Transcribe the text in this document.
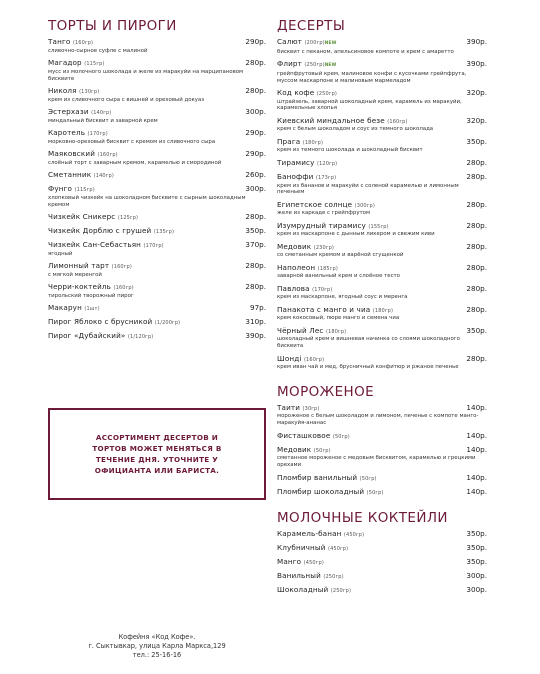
ТОРТЫ И ПИРОГИ
Танго (160гр)	290р.
сливочно-сырное суфле с малиной
Магадор (115гр)	280р.
мусс из молочного шоколада и желе из маракуйи на марципановом бисквите
Николя (130гр)	280р.
крем из сливочного сыра с вишней и ореховый докуаз
Эстерхази (140гр)	300р.
миндальный бисквит и заварной крем
Каротель (170гр)	290р.
морковно-ореховый бисквит с кремом из сливочного сыра
Маяковский (160гр)	290р.
слоёный торт с заварным кремом, карамелью и смородиной
Сметанник (140гр)	260р.
Фунго (115гр)	300р.
хлопковый чизкейк на шоколадном бисквите с сырным шоколадным кремом
Чизкейк Сникерс (125гр)	280р.
Чизкейк Дорблю с грушей (135гр)	350р.
Чизкейк Сан-Себастьян (170гр)	370р.
ягодный
Лимонный тарт (160гр)	280р.
с мягкой меренгой
Черри-коктейль (160гр)	280р.
тирольский творожный пирог
Макарун (1шт)	97р.
Пирог Яблоко с брусникой (1/200гр)	310р.
Пирог «Дубайский» (1/120гр)	390р.
ДЕСЕРТЫ
Салют (200гр)NEW	390р.
бисквит с пеканом, апельсиновое компоте и крем с амаретто
Флирт (250гр)NEW	390р.
грейпфрутовый крем, малиновое конфи с кусочками грейпфрута, муссом маскарпоне и малиновым мармеладом
Код кофе (250гр)	320р.
штрайзель, заварной шоколадный крем, карамель из маракуйи, карамельные хлопья
Киевский миндальное безе (160гр)	320р.
крем с белым шоколадом и соус из темного шоколада
Прага (180гр)	350р.
крем из темного шоколада и шоколадный бисквит
Тирамису (120гр)	280р.
Баноффи (173гр)	280р.
крем из бананов и маракуйи с соленой карамелью и лимонным печеньем
Египетское солнце (300гр)	280р.
желе из каркаде с грейпфрутом
Изумрудный тирамису (155гр)	280р.
крем из маскарпоне с дынным ликером и свежим киви
Медовик (230гр)	280р.
со сметанным кремом и варёной сгущенкой
Наполеон (185гр)	280р.
заварной ванильный крем и слоёное тесто
Павлова (170гр)	280р.
крем из маскарпоне, ягодный соус и меренга
Панакота с манго и чиа (180гр)	280р.
крем кокосовый, пюре манго и семена чиа
Чёрный Лес (180гр)	350р.
шоколадный крем и вишневая начинка со слоями шоколадного бисквита
Шонді (160гр)	280р.
крем иван чай и мед, брусничный конфитюр и ржаное печенье
МОРОЖЕНОЕ
Таити (30гр)	140р.
мороженое с белым шоколадом и лимоном, печенье с компоте манго-маракуйя-ананас
Фисташковое (50гр)	140р.
Медовик (50гр)	140р.
сметанное мороженое с медовым бисквитом, карамелью и грецкими орехами
Пломбир ванильный (50гр)	140р.
Пломбир шоколадный (50гр)	140р.
МОЛОЧНЫЕ КОКТЕЙЛИ
Карамель-банан (450гр)	350р.
Клубничный (450гр)	350р.
Манго (450гр)	350р.
Ванильный (250гр)	300р.
Шоколадный (250гр)	300р.
АССОРТИМЕНТ ДЕСЕРТОВ И ТОРТОВ МОЖЕТ МЕНЯТЬСЯ В ТЕЧЕНИЕ ДНЯ. УТОЧНИТЕ У ОФИЦИАНТА ИЛИ БАРИСТА.
Кофейня «Код Кофе».
г. Сыктывкар, улица Карла Маркса,129
тел.: 25-16-16
